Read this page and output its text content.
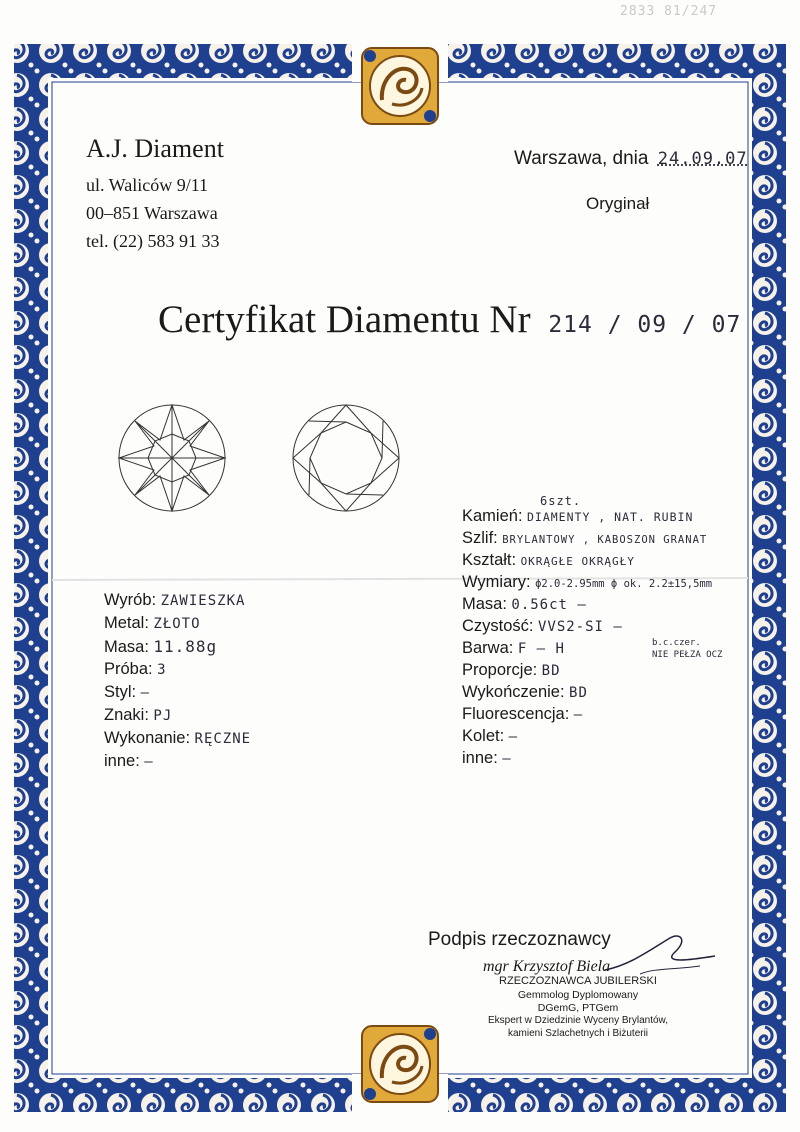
2833 81/247
A.J. Diament
ul. Waliców 9/11
00–851 Warszawa
tel. (22) 583 91 33
Warszawa, dnia 24.09.07
Oryginał
Certyfikat Diamentu Nr 214 / 09 / 07
Wyrób: ZAWIESZKA
Metal: ZŁOTO
Masa: 11.88g
Próba: 3
Styl: –
Znaki: PJ
Wykonanie: RĘCZNE
inne: —
6szt.
Kamień: DIAMENTY , NAT. RUBIN
Szlif: BRYLANTOWY , KABOSZON GRANAT
Kształt: OKRĄGŁE OKRĄGŁY
Wymiary: ϕ2.0-2.95mm ϕ ok. 2.2±15,5mm
Masa: 0.56ct –
Czystość: VVS2-SI –
Barwa: F – H
Proporcje: BD
Wykończenie: BD
Fluorescencja: –
Kolet: –
inne: –
b.c.czer.
NIE PEŁZA OCZ
Podpis rzeczoznawcy
mgr Krzysztof Biela
RZECZOZNAWCA JUBILERSKI
Gemmolog Dyplomowany
DGemG, PTGem
Ekspert w Dziedzinie Wyceny Brylantów,
kamieni Szlachetnych i Biżuterii
